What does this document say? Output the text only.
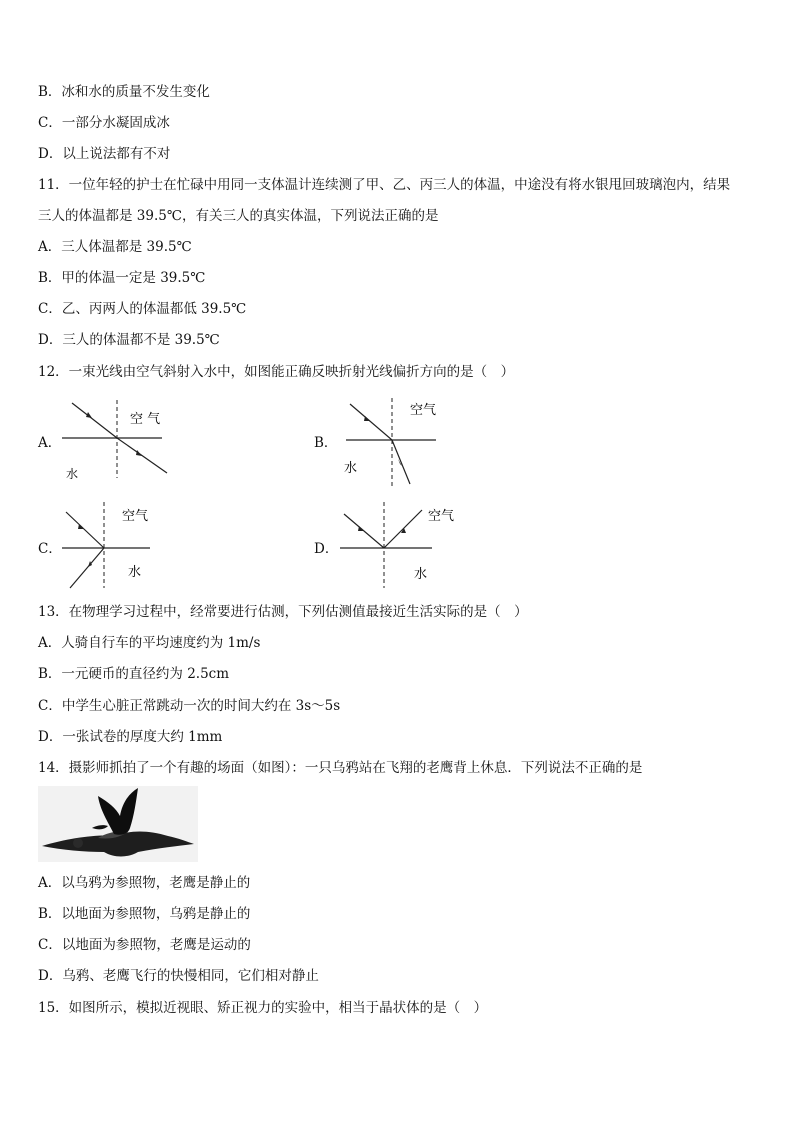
B．冰和水的质量不发生变化
C．一部分水凝固成冰
D．以上说法都有不对
11．一位年轻的护士在忙碌中用同一支体温计连续测了甲、乙、丙三人的体温，中途没有将水银甩回玻璃泡内，结果
三人的体温都是 39.5℃，有关三人的真实体温，下列说法正确的是
A．三人体温都是 39.5℃
B．甲的体温一定是 39.5℃
C．乙、丙两人的体温都低 39.5℃
D．三人的体温都不是 39.5℃
12．一束光线由空气斜射入水中，如图能正确反映折射光线偏折方向的是（　）
A．
空 气
水
B．
空气
水
C．
空气
水
D．
空气
水
13．在物理学习过程中，经常要进行估测，下列估测值最接近生活实际的是（　）
A．人骑自行车的平均速度约为 1m/s
B．一元硬币的直径约为 2.5cm
C．中学生心脏正常跳动一次的时间大约在 3s～5s
D．一张试卷的厚度大约 1mm
14．摄影师抓拍了一个有趣的场面（如图）：一只乌鸦站在飞翔的老鹰背上休息．下列说法不正确的是
A．以乌鸦为参照物，老鹰是静止的
B．以地面为参照物，乌鸦是静止的
C．以地面为参照物，老鹰是运动的
D．乌鸦、老鹰飞行的快慢相同，它们相对静止
15．如图所示，模拟近视眼、矫正视力的实验中，相当于晶状体的是（　）
